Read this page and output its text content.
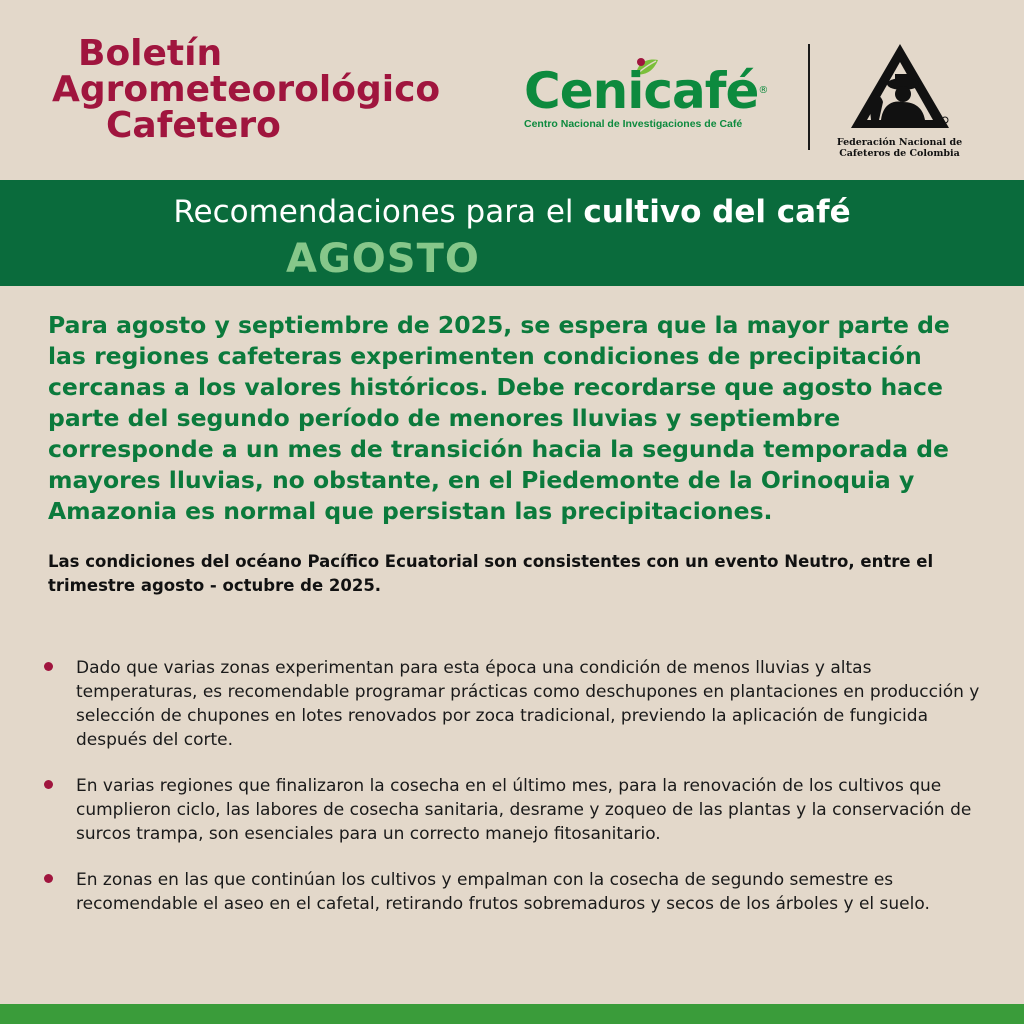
Boletín
Agrometeorológico
Cafetero
Cenicafé®
Centro Nacional de Investigaciones de Café
Federación Nacional de
Cafeteros de Colombia
Recomendaciones para el cultivo del café
AGOSTO
Para agosto y septiembre de 2025, se espera que la mayor parte de las regiones cafeteras experimenten condiciones de precipitación cercanas a los valores históricos. Debe recordarse que agosto hace parte del segundo período de menores lluvias y septiembre corresponde a un mes de transición hacia la segunda temporada de mayores lluvias, no obstante, en el Piedemonte de la Orinoquia y Amazonia es normal que persistan las precipitaciones.
Las condiciones del océano Pacífico Ecuatorial son consistentes con un evento Neutro, entre el trimestre agosto - octubre de 2025.
Dado que varias zonas experimentan para esta época una condición de menos lluvias y altas temperaturas, es recomendable programar prácticas como deschupones en plantaciones en producción y selección de chupones en lotes renovados por zoca tradicional, previendo la aplicación de fungicida después del corte.
En varias regiones que finalizaron la cosecha en el último mes, para la renovación de los cultivos que cumplieron ciclo, las labores de cosecha sanitaria, desrame y zoqueo de las plantas y la conservación de surcos trampa, son esenciales para un correcto manejo fitosanitario.
En zonas en las que continúan los cultivos y empalman con la cosecha de segundo semestre es recomendable el aseo en el cafetal, retirando frutos sobremaduros y secos de los árboles y el suelo.
